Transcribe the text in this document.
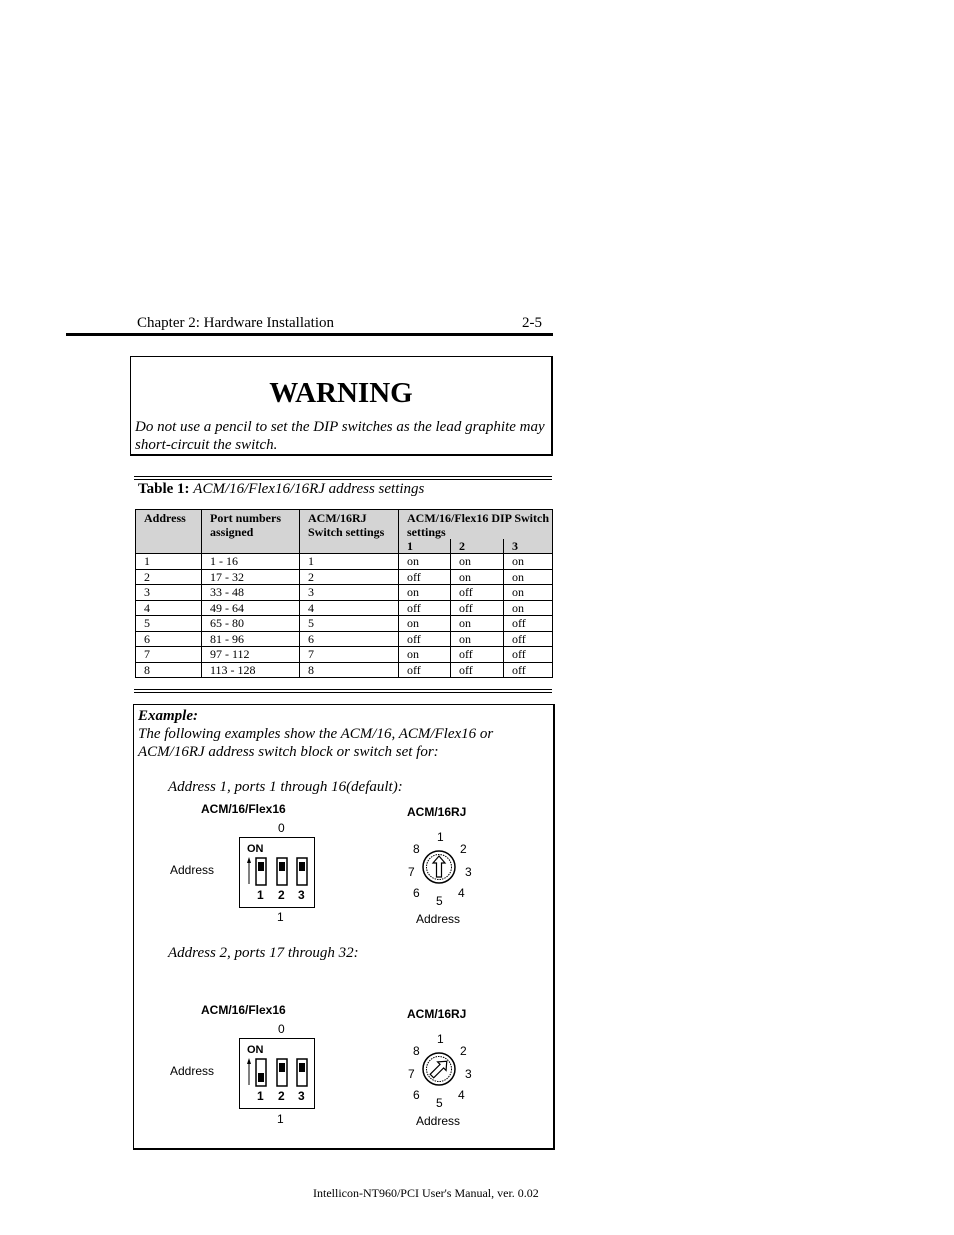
Chapter 2: Hardware Installation	2-5
WARNING
Do not use a pencil to set the DIP switches as the lead graphite may short-circuit the switch.
Table 1: ACM/16/Flex16/16RJ address settings
Address	Port numbers assigned	ACM/16RJ Switch settings	ACM/16/Flex16 DIP Switch settings		
			1	2	3
1	1 - 16	1	on	on	on
2	17 - 32	2	off	on	on
3	33 - 48	3	on	off	on
4	49 - 64	4	off	off	on
5	65 - 80	5	on	on	off
6	81 - 96	6	off	on	off
7	97 - 112	7	on	off	off
8	113 - 128	8	off	off	off
Example:
The following examples show the ACM/16, ACM/Flex16 or ACM/16RJ address switch block or switch set for:
Address 1, ports 1 through 16(default):
ACM/16/Flex16
0
Address
ON
1 2 3
1
ACM/16RJ
1
2
3
4
5
6
7
8
Address
Address 2, ports 17 through 32:
ACM/16/Flex16
0
Address
ON
1 2 3
1
ACM/16RJ
1
2
3
4
5
6
7
8
Address
Intellicon-NT960/PCI User's Manual, ver. 0.02
